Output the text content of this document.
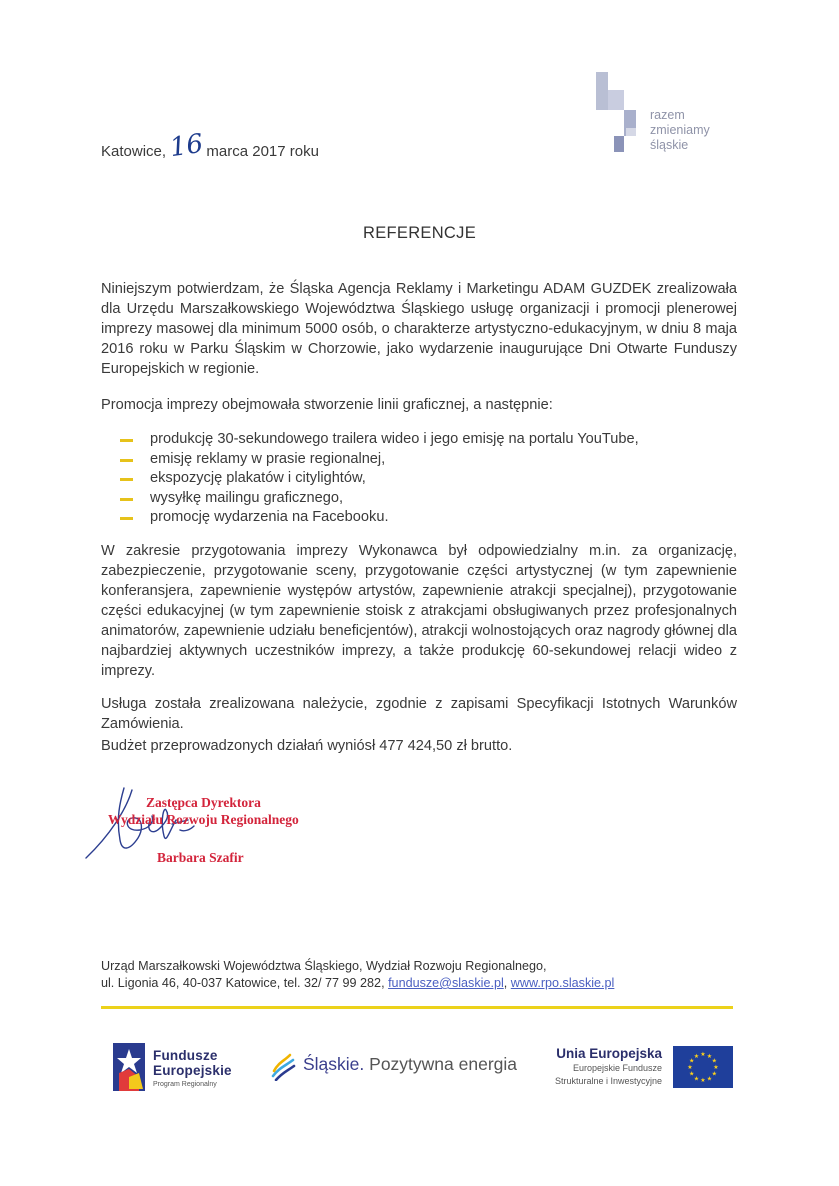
razem
zmieniamy
śląskie
Katowice,	marca 2017 roku
16
REFERENCJE
Niniejszym potwierdzam, że Śląska Agencja Reklamy i Marketingu ADAM GUZDEK zrealizowała dla Urzędu Marszałkowskiego Województwa Śląskiego usługę organizacji i promocji plenerowej imprezy masowej dla minimum 5000 osób, o charakterze artystyczno-edukacyjnym, w dniu 8 maja 2016 roku w Parku Śląskim w Chorzowie, jako wydarzenie inaugurujące Dni Otwarte Funduszy Europejskich w regionie.
Promocja imprezy obejmowała stworzenie linii graficznej, a następnie:
produkcję 30-sekundowego trailera wideo i jego emisję na portalu YouTube,
emisję reklamy w prasie regionalnej,
ekspozycję plakatów i citylightów,
wysyłkę mailingu graficznego,
promocję wydarzenia na Facebooku.
W zakresie przygotowania imprezy Wykonawca był odpowiedzialny m.in. za organizację, zabezpieczenie, przygotowanie sceny, przygotowanie części artystycznej (w tym zapewnienie konferansjera, zapewnienie występów artystów, zapewnienie atrakcji specjalnej), przygotowanie części edukacyjnej (w tym zapewnienie stoisk z atrakcjami obsługiwanych przez profesjonalnych animatorów, zapewnienie udziału beneficjentów), atrakcji wolnostojących oraz nagrody głównej dla najbardziej aktywnych uczestników imprezy, a także produkcję 60-sekundowej relacji wideo z imprezy.
Usługa została zrealizowana należycie, zgodnie z zapisami Specyfikacji Istotnych Warunków Zamówienia.
Budżet przeprowadzonych działań wyniósł 477 424,50 zł brutto.
Zastępca Dyrektora
Wydziału Rozwoju Regionalnego
Barbara Szafir
Urząd Marszałkowski Województwa Śląskiego, Wydział Rozwoju Regionalnego,
ul. Ligonia 46, 40-037 Katowice, tel. 32/ 77 99 282, fundusze@slaskie.pl, www.rpo.slaskie.pl
Fundusze
Europejskie
Program Regionalny
Śląskie. Pozytywna energia
Unia Europejska
Europejskie Fundusze
Strukturalne i Inwestycyjne
★
★
★
★
★
★
★
★
★ ★ ★
★
